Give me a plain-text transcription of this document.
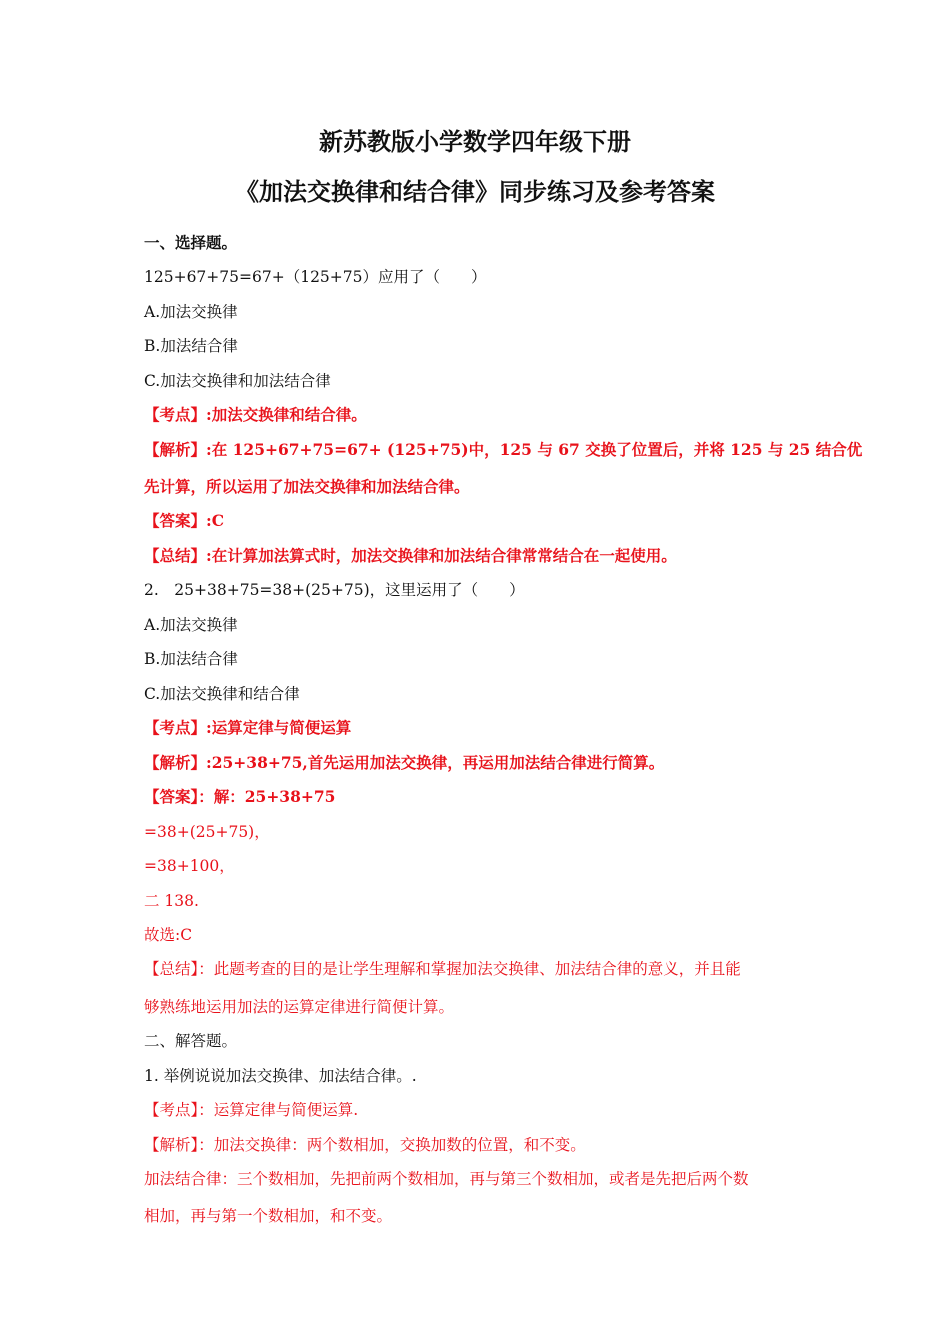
新苏教版小学数学四年级下册
《加法交换律和结合律》同步练习及参考答案
一、选择题。
125+67+75=67+（125+75）应用了（　　）
A.加法交换律
B.加法结合律
C.加法交换律和加法结合律
【考点】:加法交换律和结合律。
【解析】:在 125+67+75=67+ (125+75)中，125 与 67 交换了位置后，并将 125 与 25 结合优
先计算，所以运用了加法交换律和加法结合律。
【答案】:C
【总结】:在计算加法算式时，加法交换律和加法结合律常常结合在一起使用。
2.　25+38+75=38+(25+75)，这里运用了（　　）
A.加法交换律
B.加法结合律
C.加法交换律和结合律
【考点】:运算定律与简便运算
【解析】:25+38+75,首先运用加法交换律，再运用加法结合律进行简算。
【答案】：解：25+38+75
=38+(25+75)，
=38+100，
二 138.
故选:C
【总结】：此题考查的目的是让学生理解和掌握加法交换律、加法结合律的意义，并且能
够熟练地运用加法的运算定律进行简便计算。
二、解答题。
1. 举例说说加法交换律、加法结合律。.
【考点】：运算定律与简便运算.
【解析】：加法交换律：两个数相加，交换加数的位置，和不变。
加法结合律：三个数相加，先把前两个数相加，再与第三个数相加，或者是先把后两个数
相加，再与第一个数相加，和不变。
